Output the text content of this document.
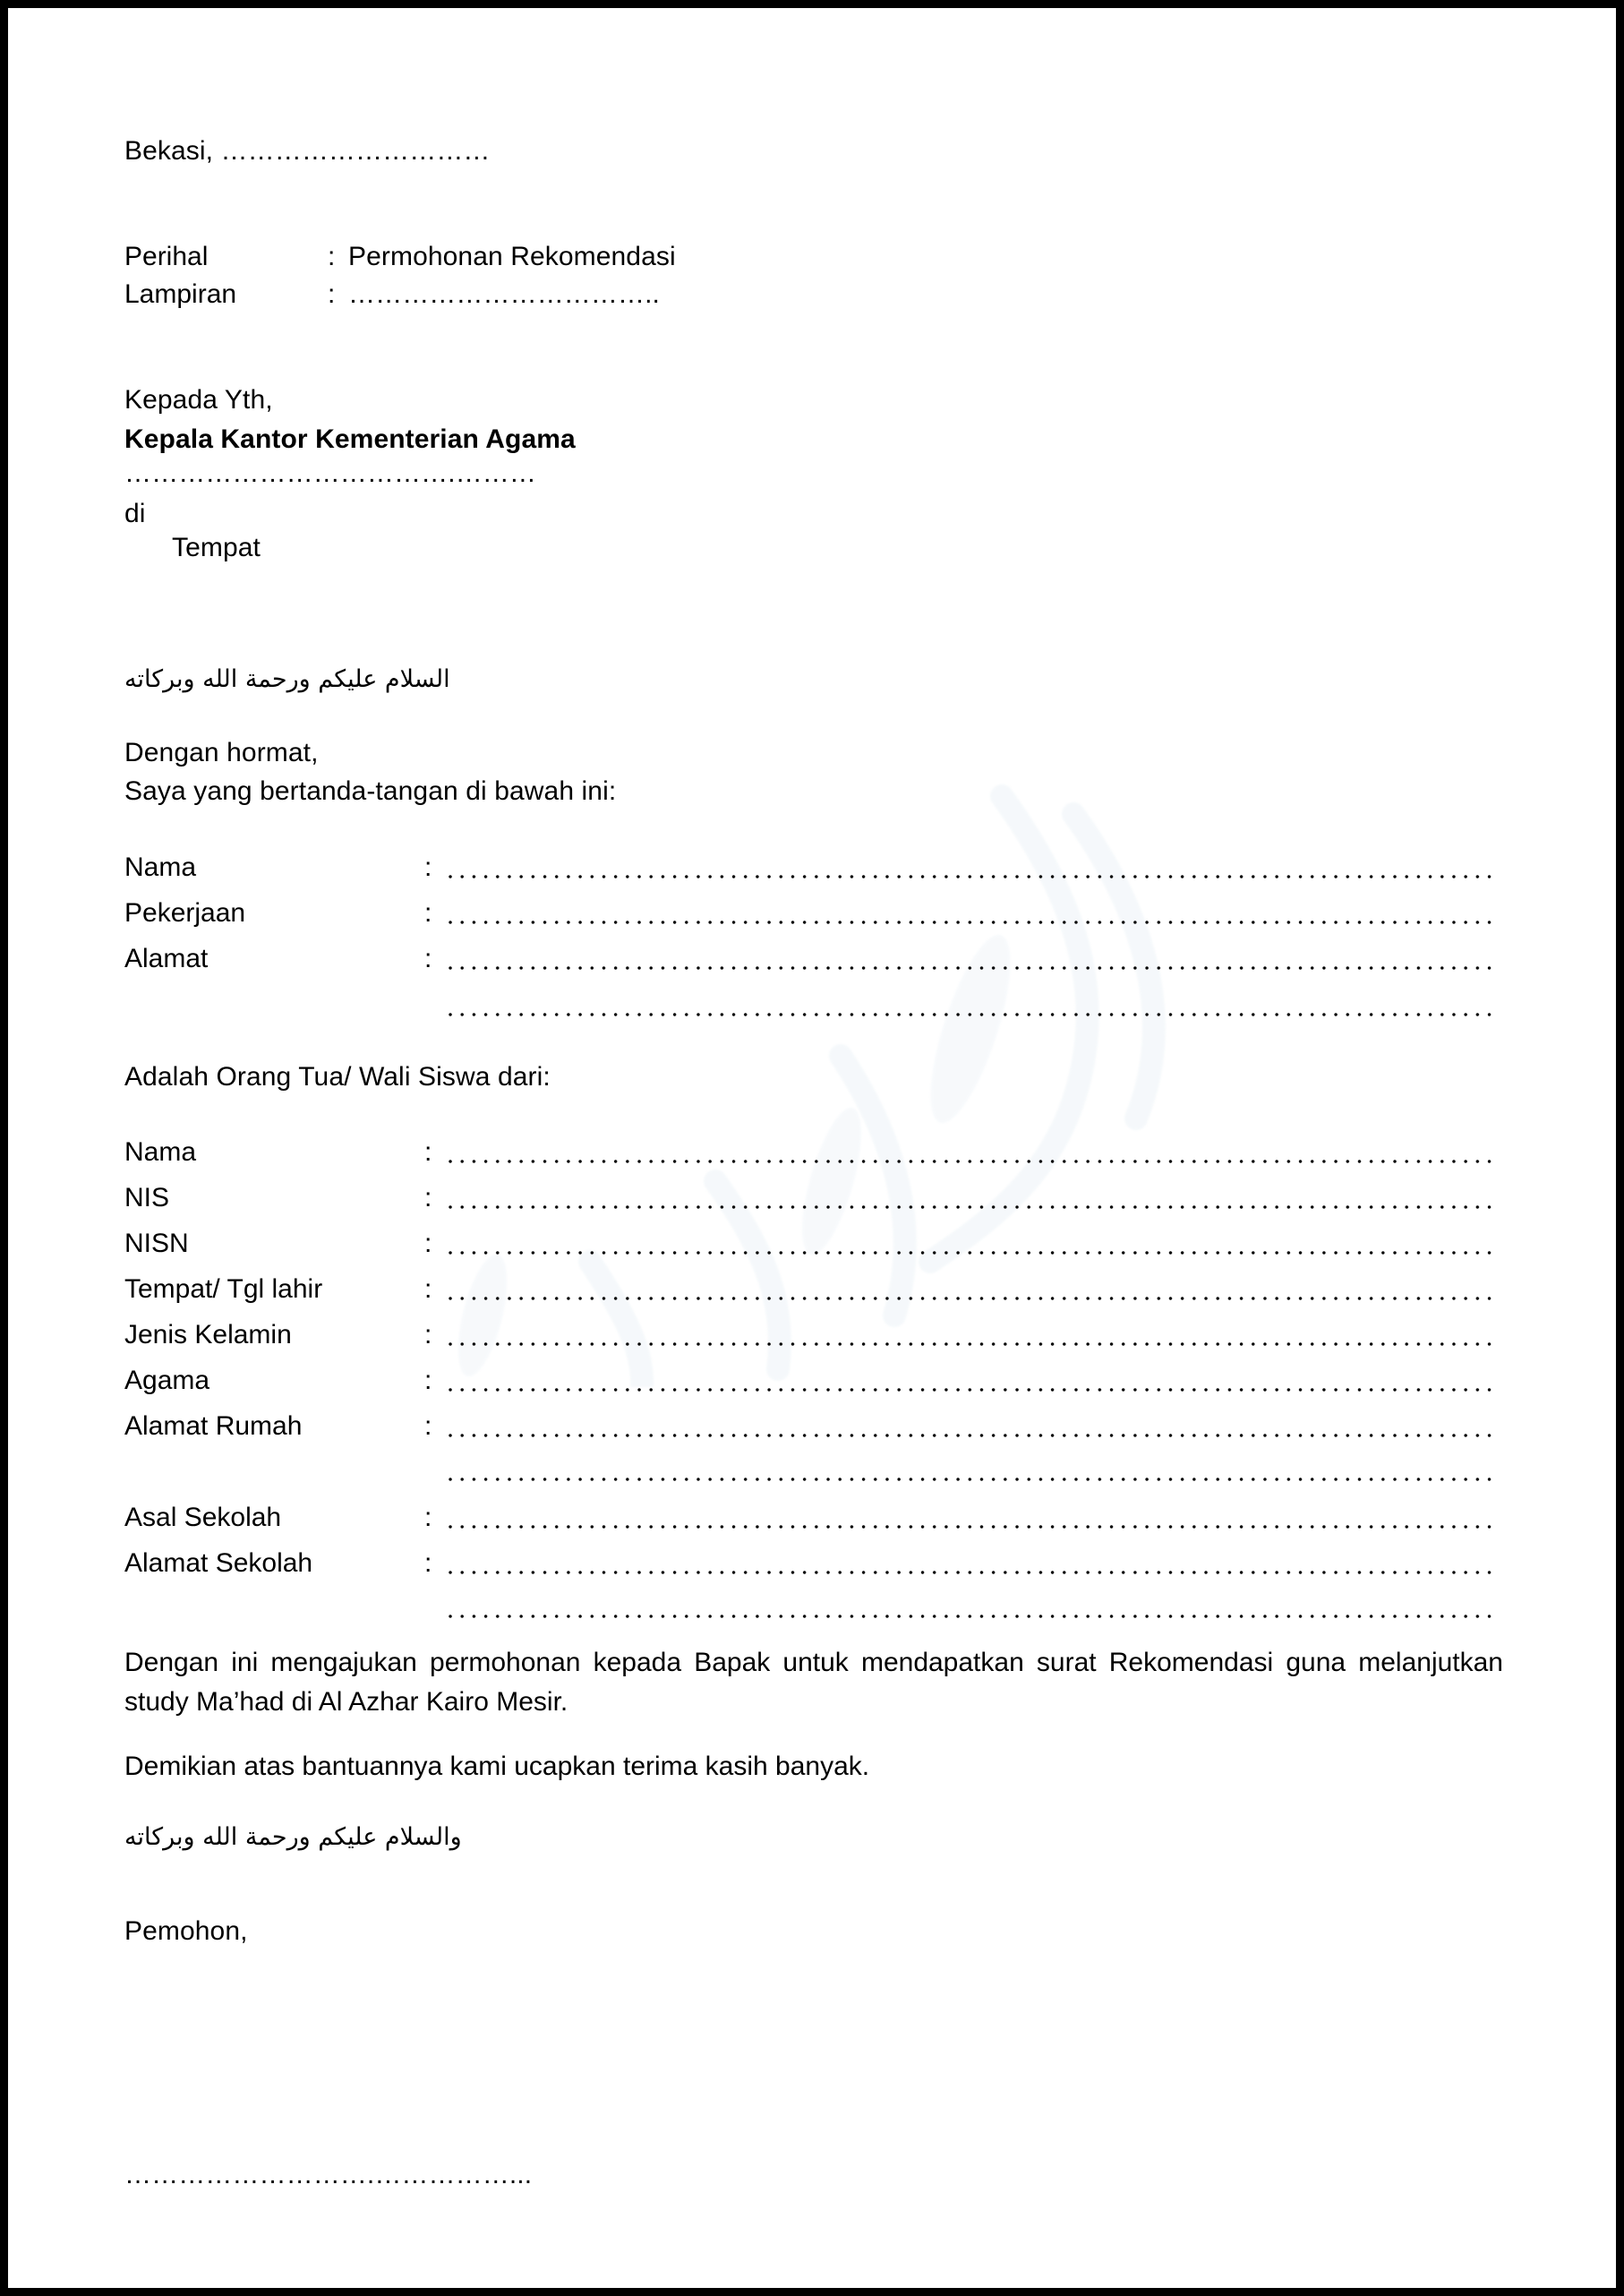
Bekasi, …………………………
Perihal	: Permohonan Rekomendasi
Lampiran	: ……………………………..
Kepada Yth,
Kepala Kantor Kementerian Agama
……………………………….………
di
Tempat
السلام عليكم ورحمة الله وبركاته
Dengan hormat,
Saya yang bertanda-tangan di bawah ini:
Nama	:
Pekerjaan	:
Alamat	:
Adalah Orang Tua/ Wali Siswa dari:
Nama	:
NIS	:
NISN	:
Tempat/ Tgl lahir	:
Jenis Kelamin	:
Agama	:
Alamat Rumah	:
Asal Sekolah	:
Alamat Sekolah	:
Dengan ini mengajukan permohonan kepada Bapak untuk mendapatkan surat Rekomendasi guna melanjutkan study Ma’had di Al Azhar Kairo Mesir.
Demikian atas bantuannya kami ucapkan terima kasih banyak.
والسلام عليكم ورحمة الله وبركاته
Pemohon,
……………………….……………...
